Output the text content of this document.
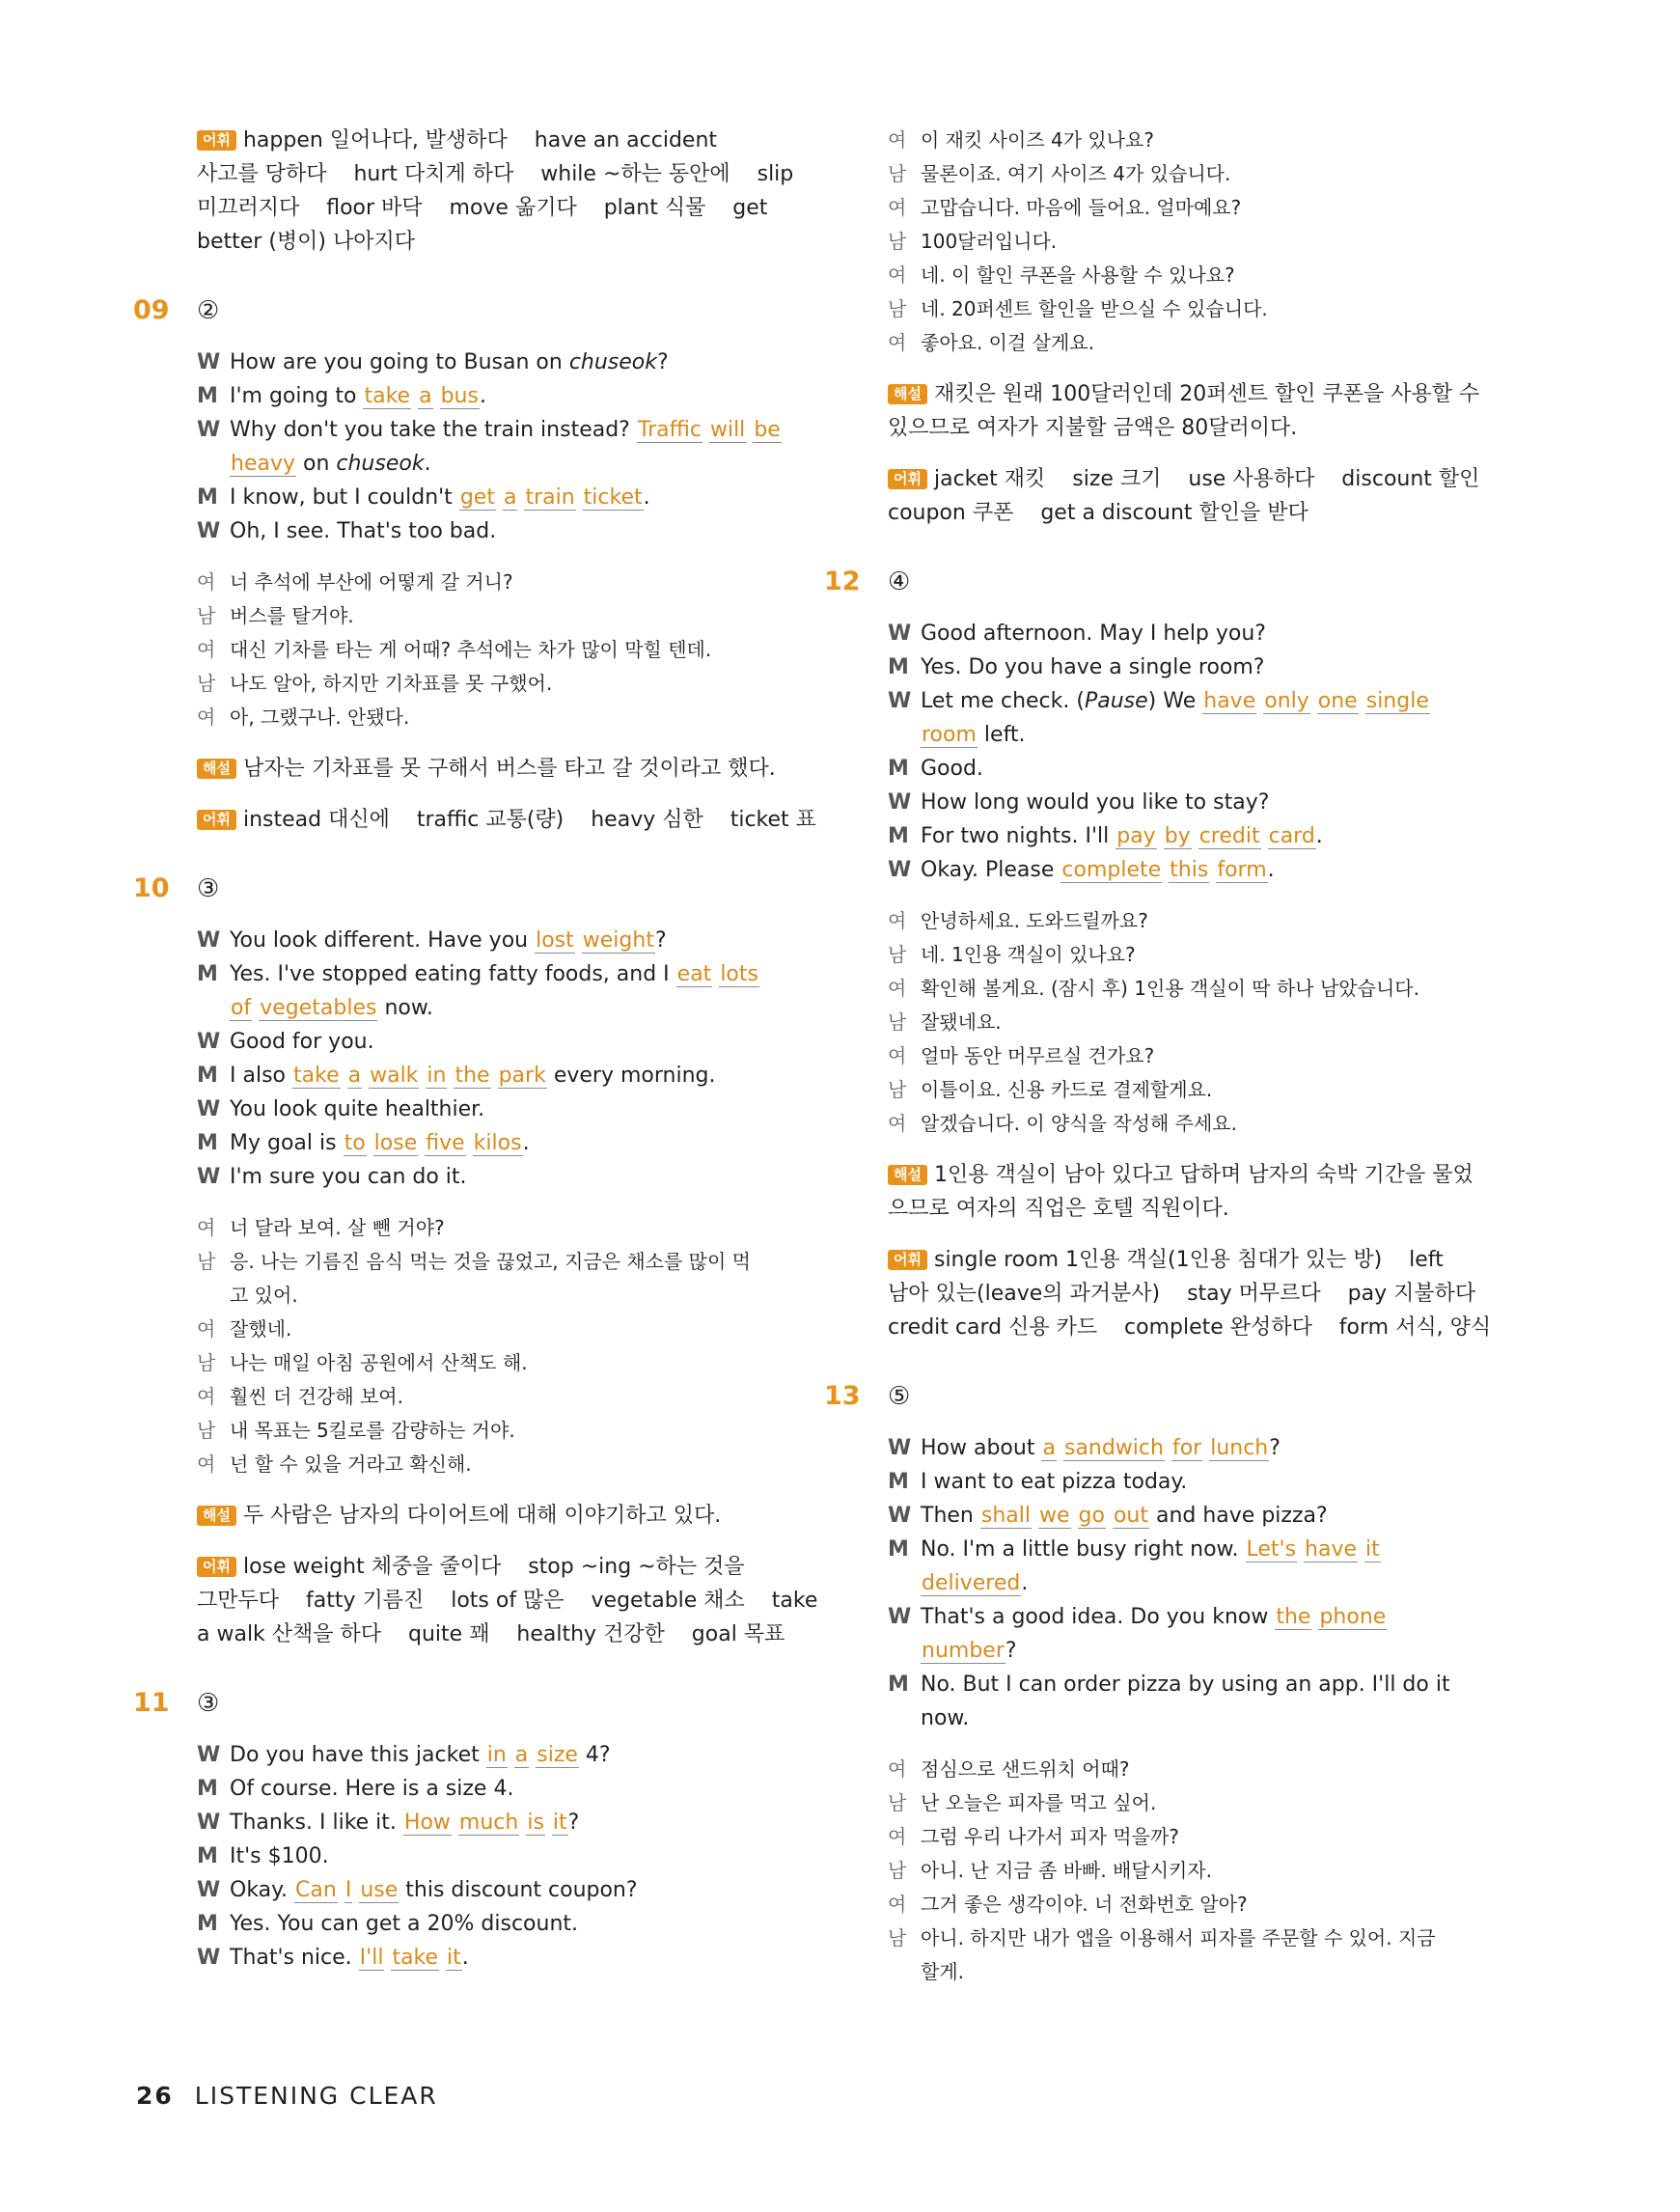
어휘 happen 일어나다, 발생하다    have an accident
사고를 당하다    hurt 다치게 하다    while ~하는 동안에    slip
미끄러지다    floor 바닥    move 옮기다    plant 식물    get
better (병이) 나아지다
09 ②
W How are you going to Busan on chuseok?
M I'm going to take a bus.
W Why don't you take the train instead? Traffic will be
heavy on chuseok.
M I know, but I couldn't get a train ticket.
W Oh, I see. That's too bad.
여 너 추석에 부산에 어떻게 갈 거니?
남 버스를 탈거야.
여 대신 기차를 타는 게 어때? 추석에는 차가 많이 막힐 텐데.
남 나도 알아, 하지만 기차표를 못 구했어.
여 아, 그랬구나. 안됐다.
해설 남자는 기차표를 못 구해서 버스를 타고 갈 것이라고 했다.
어휘 instead 대신에    traffic 교통(량)    heavy 심한    ticket 표
10 ③
W You look different. Have you lost weight?
M Yes. I've stopped eating fatty foods, and I eat lots
of vegetables now.
W Good for you.
M I also take a walk in the park every morning.
W You look quite healthier.
M My goal is to lose five kilos.
W I'm sure you can do it.
여 너 달라 보여. 살 뺀 거야?
남 응. 나는 기름진 음식 먹는 것을 끊었고, 지금은 채소를 많이 먹
고 있어.
여 잘했네.
남 나는 매일 아침 공원에서 산책도 해.
여 훨씬 더 건강해 보여.
남 내 목표는 5킬로를 감량하는 거야.
여 넌 할 수 있을 거라고 확신해.
해설 두 사람은 남자의 다이어트에 대해 이야기하고 있다.
어휘 lose weight 체중을 줄이다    stop ~ing ~하는 것을
그만두다    fatty 기름진    lots of 많은    vegetable 채소    take
a walk 산책을 하다    quite 꽤    healthy 건강한    goal 목표
11 ③
W Do you have this jacket in a size 4?
M Of course. Here is a size 4.
W Thanks. I like it. How much is it?
M It's $100.
W Okay. Can I use this discount coupon?
M Yes. You can get a 20% discount.
W That's nice. I'll take it.
여 이 재킷 사이즈 4가 있나요?
남 물론이죠. 여기 사이즈 4가 있습니다.
여 고맙습니다. 마음에 들어요. 얼마예요?
남 100달러입니다.
여 네. 이 할인 쿠폰을 사용할 수 있나요?
남 네. 20퍼센트 할인을 받으실 수 있습니다.
여 좋아요. 이걸 살게요.
해설 재킷은 원래 100달러인데 20퍼센트 할인 쿠폰을 사용할 수
있으므로 여자가 지불할 금액은 80달러이다.
어휘 jacket 재킷    size 크기    use 사용하다    discount 할인
coupon 쿠폰    get a discount 할인을 받다
12 ④
W Good afternoon. May I help you?
M Yes. Do you have a single room?
W Let me check. (Pause) We have only one single
room left.
M Good.
W How long would you like to stay?
M For two nights. I'll pay by credit card.
W Okay. Please complete this form.
여 안녕하세요. 도와드릴까요?
남 네. 1인용 객실이 있나요?
여 확인해 볼게요. (잠시 후) 1인용 객실이 딱 하나 남았습니다.
남 잘됐네요.
여 얼마 동안 머무르실 건가요?
남 이틀이요. 신용 카드로 결제할게요.
여 알겠습니다. 이 양식을 작성해 주세요.
해설 1인용 객실이 남아 있다고 답하며 남자의 숙박 기간을 물었
으므로 여자의 직업은 호텔 직원이다.
어휘 single room 1인용 객실(1인용 침대가 있는 방)    left
남아 있는(leave의 과거분사)    stay 머무르다    pay 지불하다
credit card 신용 카드    complete 완성하다    form 서식, 양식
13 ⑤
W How about a sandwich for lunch?
M I want to eat pizza today.
W Then shall we go out and have pizza?
M No. I'm a little busy right now. Let's have it
delivered.
W That's a good idea. Do you know the phone
number?
M No. But I can order pizza by using an app. I'll do it
now.
여 점심으로 샌드위치 어때?
남 난 오늘은 피자를 먹고 싶어.
여 그럼 우리 나가서 피자 먹을까?
남 아니. 난 지금 좀 바빠. 배달시키자.
여 그거 좋은 생각이야. 너 전화번호 알아?
남 아니. 하지만 내가 앱을 이용해서 피자를 주문할 수 있어. 지금
할게.
26 LISTENING CLEAR
